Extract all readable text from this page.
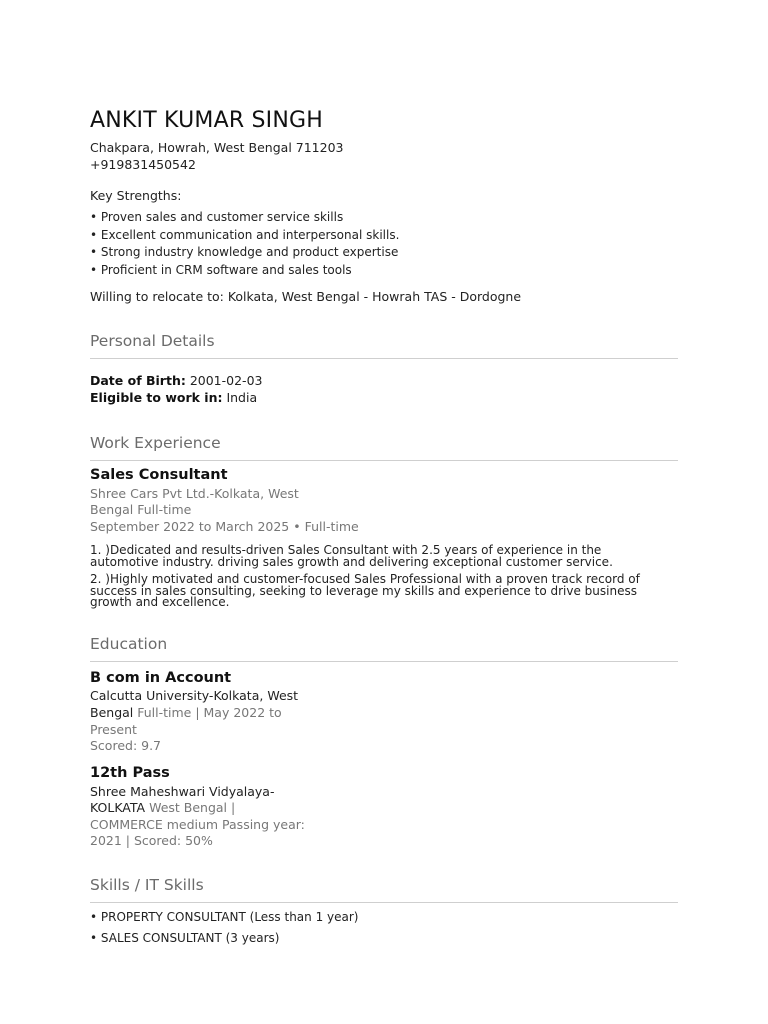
ANKIT KUMAR SINGH
Chakpara, Howrah, West Bengal 711203
+919831450542
Key Strengths:
• Proven sales and customer service skills
• Excellent communication and interpersonal skills.
• Strong industry knowledge and product expertise
• Proficient in CRM software and sales tools
Willing to relocate to: Kolkata, West Bengal - Howrah TAS - Dordogne
Personal Details
Date of Birth: 2001-02-03
Eligible to work in: India
Work Experience
Sales Consultant
Shree Cars Pvt Ltd.-Kolkata, West
Bengal Full-time
September 2022 to March 2025 • Full-time
1. )Dedicated and results-driven Sales Consultant with 2.5 years of experience in the
automotive industry. driving sales growth and delivering exceptional customer service.
2. )Highly motivated and customer-focused Sales Professional with a proven track record of
success in sales consulting, seeking to leverage my skills and experience to drive business
growth and excellence.
Education
B com in Account
Calcutta University-Kolkata, West
Bengal Full-time | May 2022 to
Present
Scored: 9.7
12th Pass
Shree Maheshwari Vidyalaya-
KOLKATA West Bengal |
COMMERCE medium Passing year:
2021 | Scored: 50%
Skills / IT Skills
• PROPERTY CONSULTANT (Less than 1 year)
• SALES CONSULTANT (3 years)
